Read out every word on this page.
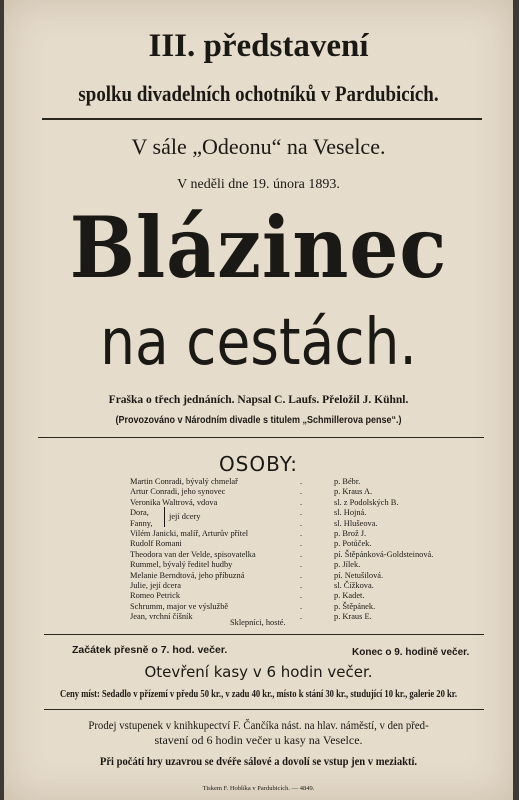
III. představení
spolku divadelních ochotníků v Pardubicích.
V sále „Odeonu“ na Veselce.
V neděli dne 19. února 1893.
Blázinec
na cestách.
Fraška o třech jednáních. Napsal C. Laufs. Přeložil J. Kühnl.
(Provozováno v Národním divadle s titulem „Schmillerova pense“.)
OSOBY:
Martin Conradi, bývalý chmelař
Artur Conradi, jeho synovec
Veronika Waltrová, vdova
Dora,
Fanny,
Vilém Janicki, malíř, Arturův přítel
Rudolf Romani
Theodora van der Velde, spisovatelka
Rummel, bývalý ředitel hudby
Melanie Berndtová, jeho příbuzná
Julie, její dcera
Romeo Petrick
Schrumm, major ve výslužbě
Jean, vrchní číšník
její dcery
.
.
.
.
.
.
.
.
.
.
.
.
.
.
p. Bébr.
p. Kraus A.
sl. z Podolských B.
sl. Hojná.
sl. Hlušeova.
p. Brož J.
p. Potůček.
pí. Štěpánková-Goldsteinová.
p. Jílek.
pí. Netušilová.
sl. Čížkova.
p. Kadet.
p. Štěpánek.
p. Kraus E.
Sklepníci, hosté.
Začátek přesně o 7. hod. večer.	Konec o 9. hodině večer.
Otevření kasy v 6 hodin večer.
Ceny míst: Sedadlo v přízemí v předu 50 kr., v zadu 40 kr., místo k stání 30 kr., studující 10 kr., galerie 20 kr.
Prodej vstupenek v knihkupectví F. Čančíka nást. na hlav. náměstí, v den před-
stavení od 6 hodin večer u kasy na Veselce.
Při počátí hry uzavrou se dvéře sálové a dovolí se vstup jen v meziaktí.
Tiskem F. Hoblíka v Pardubicích. — 4849.
